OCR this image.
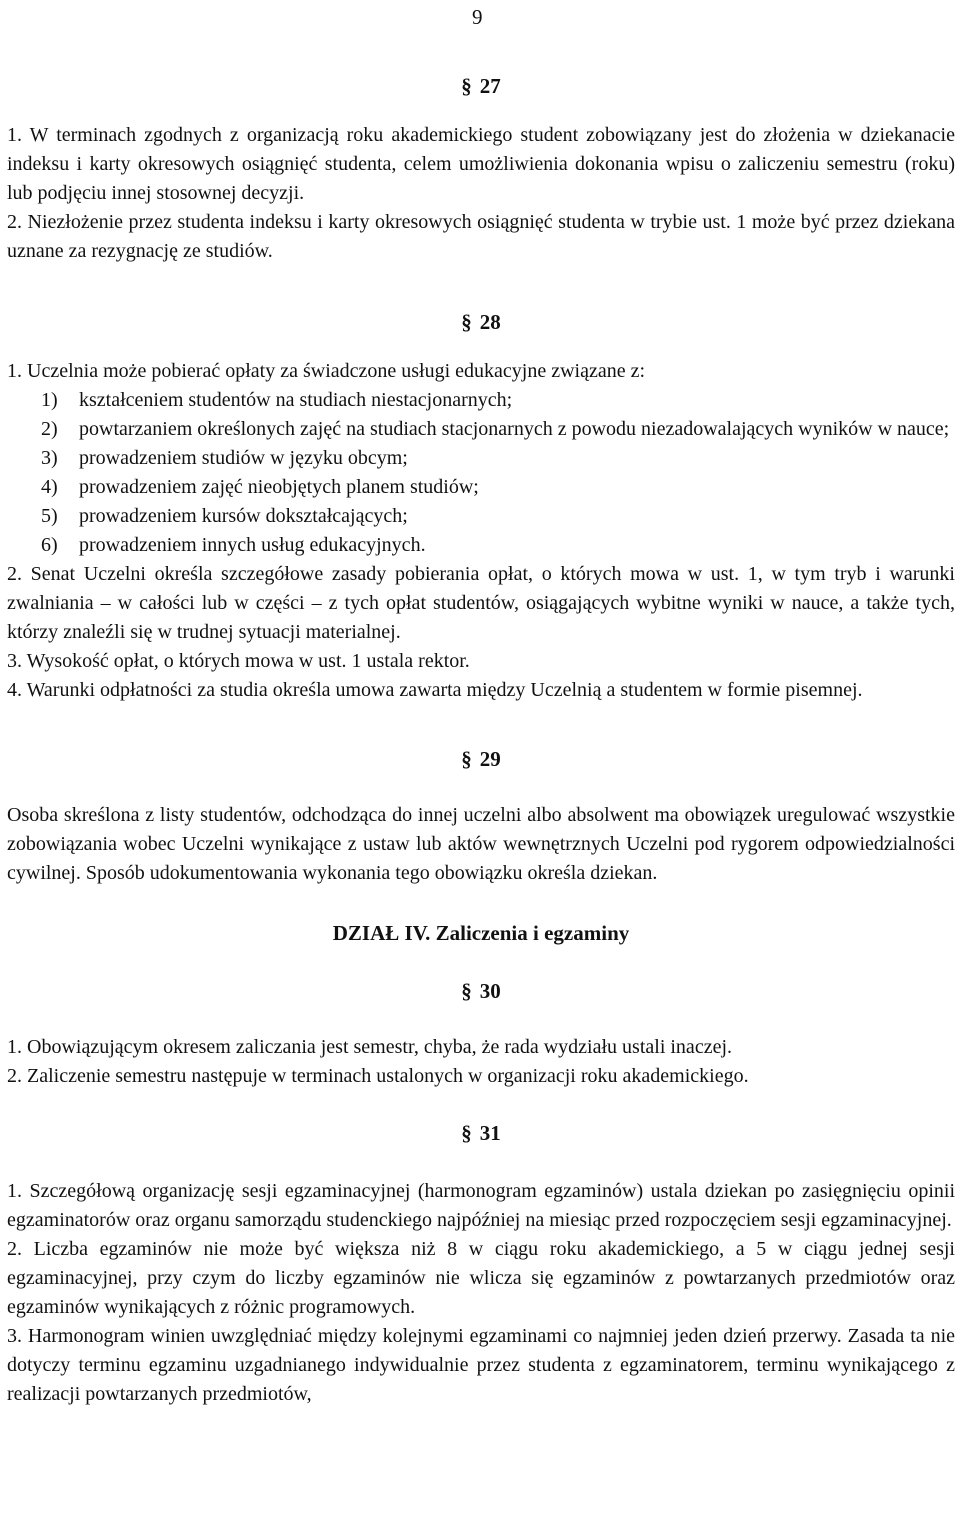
9
§ 27

1. W terminach zgodnych z organizacją roku akademickiego student zobowiązany jest do złożenia w dziekanacie indeksu i karty okresowych osiągnięć studenta, celem umożliwienia dokonania wpisu o zaliczeniu semestru (roku) lub podjęciu innej stosownej decyzji.

2. Niezłożenie przez studenta indeksu i karty okresowych osiągnięć studenta w trybie ust. 1 może być przez dziekana uznane za rezygnację ze studiów.

§ 28

1. Uczelnia może pobierać opłaty za świadczone usługi edukacyjne związane z:

1) kształceniem studentów na studiach niestacjonarnych;
2) powtarzaniem określonych zajęć na studiach stacjonarnych z powodu niezadowalających wyników w nauce;
3) prowadzeniem studiów w języku obcym;
4) prowadzeniem zajęć nieobjętych planem studiów;
5) prowadzeniem kursów dokształcających;
6) prowadzeniem innych usług edukacyjnych.

2. Senat Uczelni określa szczegółowe zasady pobierania opłat, o których mowa w ust. 1, w tym tryb i warunki zwalniania – w całości lub w części – z tych opłat studentów, osiągających wybitne wyniki w nauce, a także tych, którzy znaleźli się w trudnej sytuacji materialnej.

3. Wysokość opłat, o których mowa w ust. 1 ustala rektor.

4. Warunki odpłatności za studia określa umowa zawarta między Uczelnią a studentem w formie pisemnej.

§ 29

Osoba skreślona z listy studentów, odchodząca do innej uczelni albo absolwent ma obowiązek uregulować wszystkie zobowiązania wobec Uczelni wynikające z ustaw lub aktów wewnętrznych Uczelni pod rygorem odpowiedzialności cywilnej. Sposób udokumentowania wykonania tego obowiązku określa dziekan.

DZIAŁ IV. Zaliczenia i egzaminy
§ 30

1. Obowiązującym okresem zaliczania jest semestr, chyba, że rada wydziału ustali inaczej.

2. Zaliczenie semestru następuje w terminach ustalonych w organizacji roku akademickiego.

§ 31

1. Szczegółową organizację sesji egzaminacyjnej (harmonogram egzaminów) ustala dziekan po zasięgnięciu opinii egzaminatorów oraz organu samorządu studenckiego najpóźniej na miesiąc przed rozpoczęciem sesji egzaminacyjnej.

2. Liczba egzaminów nie może być większa niż 8 w ciągu roku akademickiego, a 5 w ciągu jednej sesji egzaminacyjnej, przy czym do liczby egzaminów nie wlicza się egzaminów z powtarzanych przedmiotów oraz egzaminów wynikających z różnic programowych.

3. Harmonogram winien uwzględniać między kolejnymi egzaminami co najmniej jeden dzień przerwy. Zasada ta nie dotyczy terminu egzaminu uzgadnianego indywidualnie przez studenta z egzaminatorem, terminu wynikającego z realizacji powtarzanych przedmiotów,
